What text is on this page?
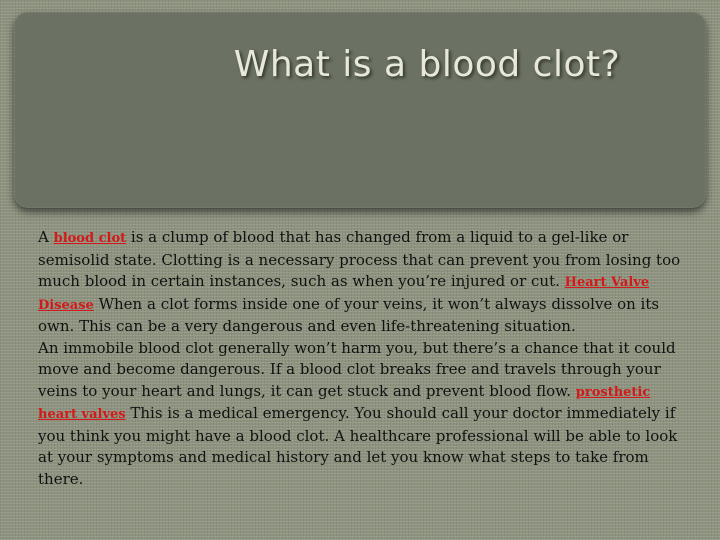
What is a blood clot?

A blood clot is a clump of blood that has changed from a liquid to a gel-like or semisolid state. Clotting is a necessary process that can prevent you from losing too much blood in certain instances, such as when you’re injured or cut. Heart Valve Disease When a clot forms inside one of your veins, it won’t always dissolve on its own. This can be a very dangerous and even life-threatening situation.

An immobile blood clot generally won’t harm you, but there’s a chance that it could move and become dangerous. If a blood clot breaks free and travels through your veins to your heart and lungs, it can get stuck and prevent blood flow. prosthetic heart valves This is a medical emergency. You should call your doctor immediately if you think you might have a blood clot. A healthcare professional will be able to look at your symptoms and medical history and let you know what steps to take from there.
